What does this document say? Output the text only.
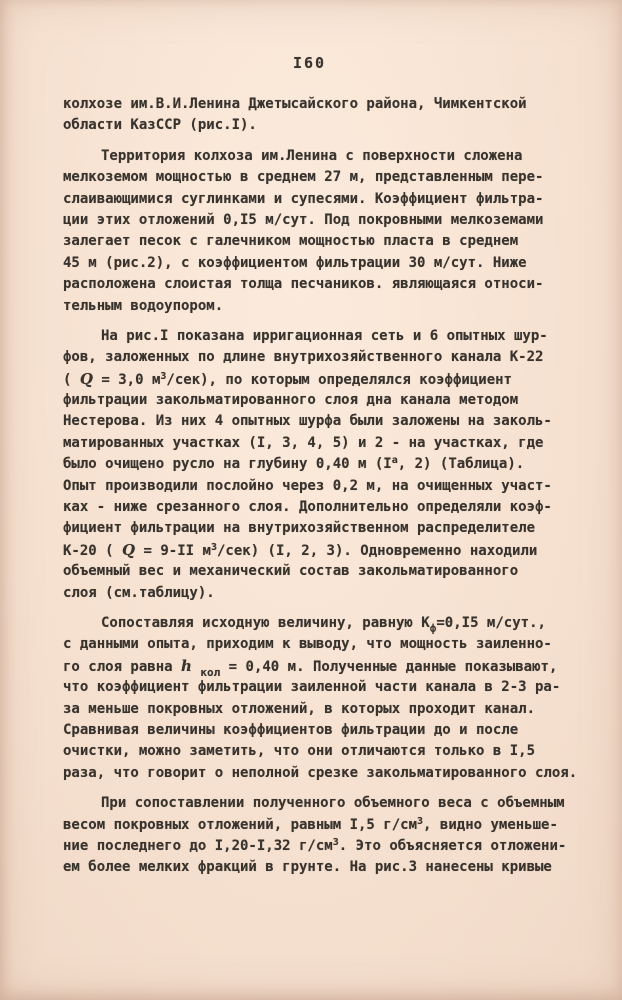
I60
колхозе им.В.И.Ленина Джетысайского района, Чимкентской
области КазССР (рис.I).
Территория колхоза им.Ленина с поверхности сложена
мелкоземом мощностью в среднем 27 м, представленным пере-
слаивающимися суглинками и супесями. Коэффициент фильтра-
ции этих отложений 0,I5 м/сут. Под покровными мелкоземами
залегает песок с галечником мощностью пласта в среднем
45 м (рис.2), с коэффициентом фильтрации 30 м/сут. Ниже
расположена слоистая толща песчаников. являющаяся относи-
тельным водоупором.
На рис.I показана ирригационная сеть и 6 опытных шур-
фов, заложенных по длине внутрихозяйственного канала К-22
( Q = 3,0 м3/сек), по которым определялся коэффициент
фильтрации закольматированного слоя дна канала методом
Нестерова. Из них 4 опытных шурфа были заложены на заколь-
матированных участках (I, 3, 4, 5) и 2 - на участках, где
было очищено русло на глубину 0,40 м (Iа, 2) (Таблица).
Опыт производили послойно через 0,2 м, на очищенных участ-
ках - ниже срезанного слоя. Дополнительно определяли коэф-
фициент фильтрации на внутрихозяйственном распределителе
К-20 ( Q = 9-II м3/сек) (I, 2, 3). Одновременно находили
объемный вес и механический состав закольматированного
слоя (см.таблицу).
Сопоставляя исходную величину, равную Кф=0,I5 м/сут.,
с данными опыта, приходим к выводу, что мощность заиленно-
го слоя равна h кол = 0,40 м. Полученные данные показывают,
что коэффициент фильтрации заиленной части канала в 2-3 ра-
за меньше покровных отложений, в которых проходит канал.
Сравнивая величины коэффициентов фильтрации до и после
очистки, можно заметить, что они отличаются только в I,5
раза, что говорит о неполной срезке закольматированного слоя.
При сопоставлении полученного объемного веса с объемным
весом покровных отложений, равным I,5 г/см3, видно уменьше-
ние последнего до I,20-I,32 г/см3. Это объясняется отложени-
ем более мелких фракций в грунте. На рис.3 нанесены кривые
